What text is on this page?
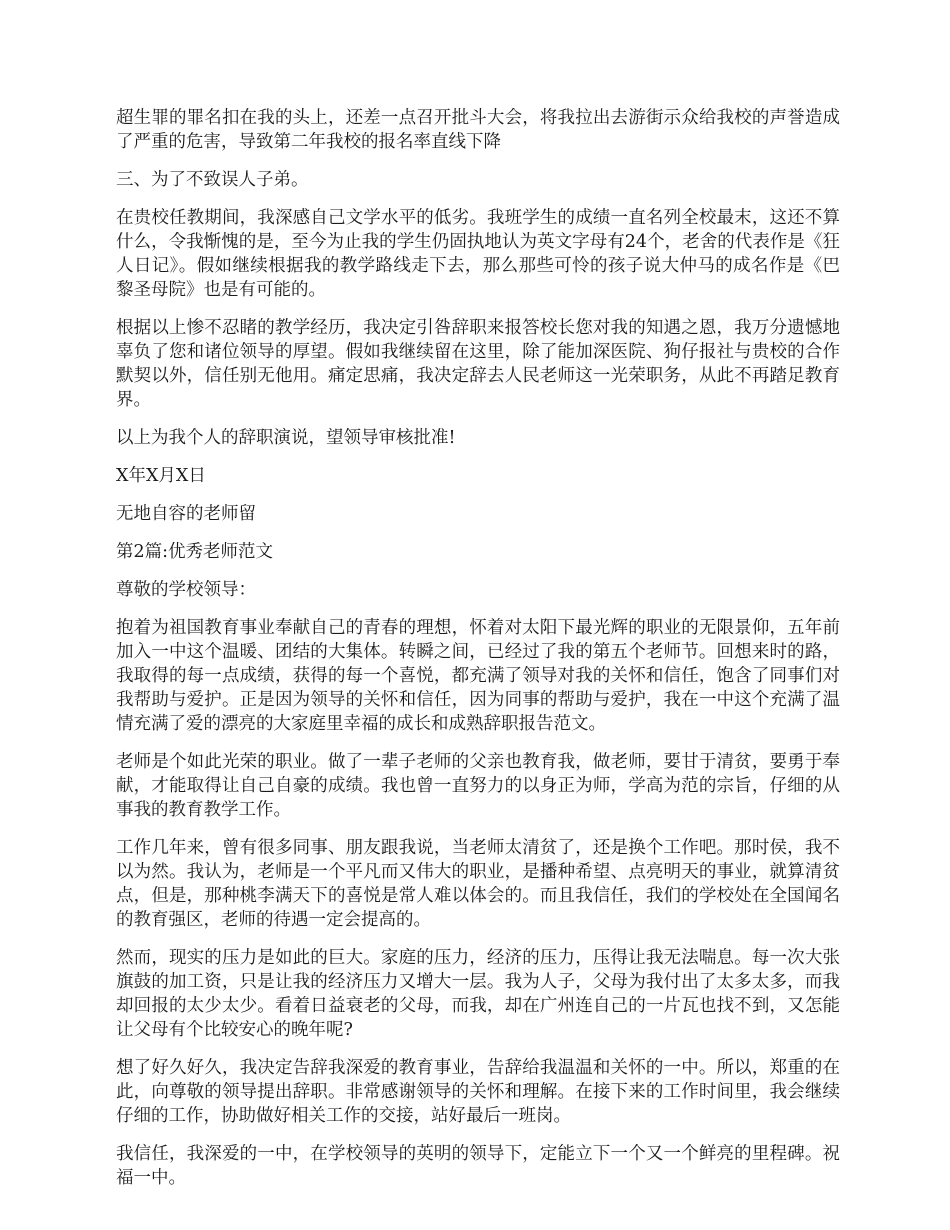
超生罪的罪名扣在我的头上，还差一点召开批斗大会，将我拉出去游街示众给我校的声誉造成了严重的危害，导致第二年我校的报名率直线下降

三、为了不致误人子弟。

在贵校任教期间，我深感自己文学水平的低劣。我班学生的成绩一直名列全校最末，这还不算什么，令我惭愧的是，至今为止我的学生仍固执地认为英文字母有24个，老舍的代表作是《狂人日记》。假如继续根据我的教学路线走下去，那么那些可怜的孩子说大仲马的成名作是《巴黎圣母院》也是有可能的。

根据以上惨不忍睹的教学经历，我决定引咎辞职来报答校长您对我的知遇之恩，我万分遗憾地辜负了您和诸位领导的厚望。假如我继续留在这里，除了能加深医院、狗仔报社与贵校的合作默契以外，信任别无他用。痛定思痛，我决定辞去人民老师这一光荣职务，从此不再踏足教育界。

以上为我个人的辞职演说，望领导审核批准!

X年X月X日

无地自容的老师留

第2篇:优秀老师范文

尊敬的学校领导：

抱着为祖国教育事业奉献自己的青春的理想，怀着对太阳下最光辉的职业的无限景仰，五年前加入一中这个温暖、团结的大集体。转瞬之间，已经过了我的第五个老师节。回想来时的路，我取得的每一点成绩，获得的每一个喜悦，都充满了领导对我的关怀和信任，饱含了同事们对我帮助与爱护。正是因为领导的关怀和信任，因为同事的帮助与爱护，我在一中这个充满了温情充满了爱的漂亮的大家庭里幸福的成长和成熟辞职报告范文。

老师是个如此光荣的职业。做了一辈子老师的父亲也教育我，做老师，要甘于清贫，要勇于奉献，才能取得让自己自豪的成绩。我也曾一直努力的以身正为师，学高为范的宗旨，仔细的从事我的教育教学工作。

工作几年来，曾有很多同事、朋友跟我说，当老师太清贫了，还是换个工作吧。那时侯，我不以为然。我认为，老师是一个平凡而又伟大的职业，是播种希望、点亮明天的事业，就算清贫点，但是，那种桃李满天下的喜悦是常人难以体会的。而且我信任，我们的学校处在全国闻名的教育强区，老师的待遇一定会提高的。

然而，现实的压力是如此的巨大。家庭的压力，经济的压力，压得让我无法喘息。每一次大张旗鼓的加工资，只是让我的经济压力又增大一层。我为人子，父母为我付出了太多太多，而我却回报的太少太少。看着日益衰老的父母，而我，却在广州连自己的一片瓦也找不到，又怎能让父母有个比较安心的晚年呢?

想了好久好久，我决定告辞我深爱的教育事业，告辞给我温温和关怀的一中。所以，郑重的在此，向尊敬的领导提出辞职。非常感谢领导的关怀和理解。在接下来的工作时间里，我会继续仔细的工作，协助做好相关工作的交接，站好最后一班岗。

我信任，我深爱的一中，在学校领导的英明的领导下，定能立下一个又一个鲜亮的里程碑。祝福一中。
